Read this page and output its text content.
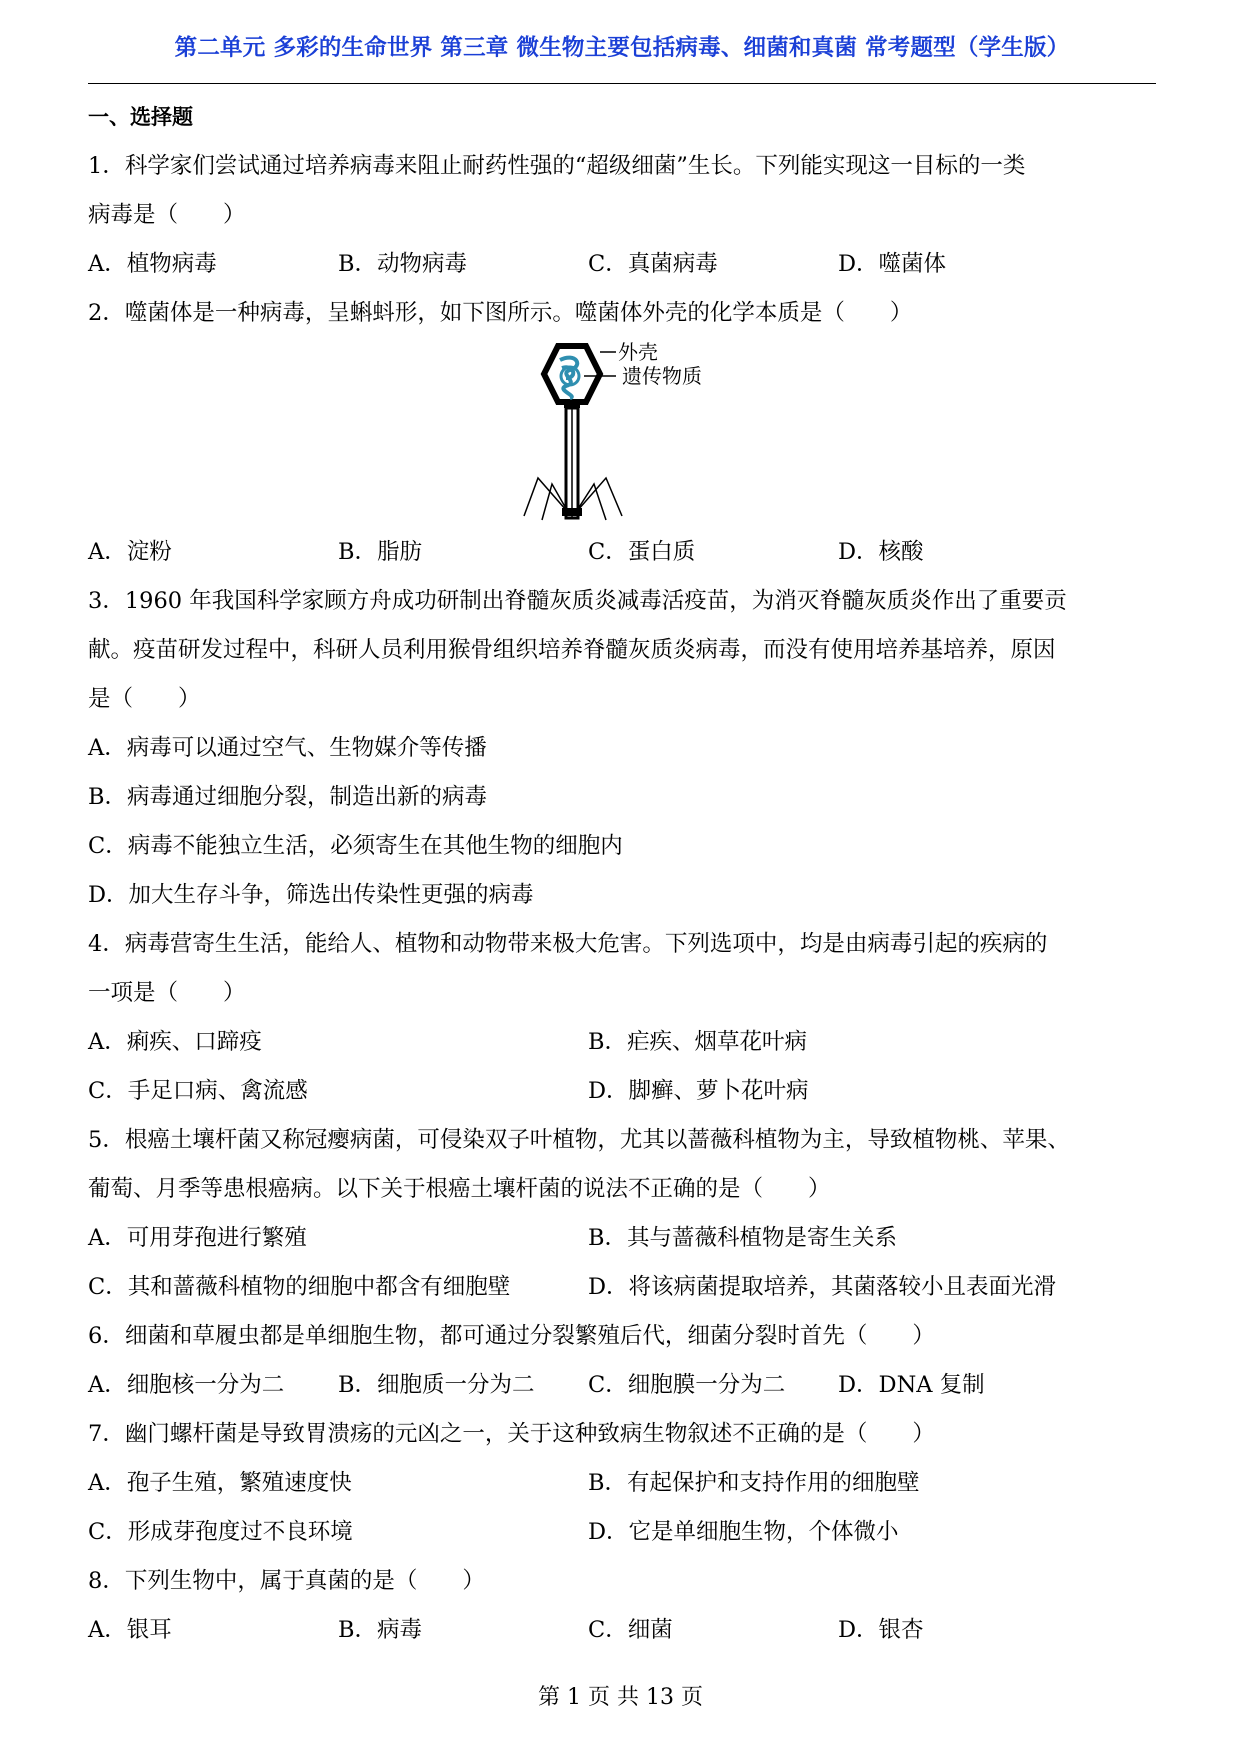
第二单元 多彩的生命世界 第三章 微生物主要包括病毒、细菌和真菌 常考题型（学生版）
一、选择题
1．科学家们尝试通过培养病毒来阻止耐药性强的“超级细菌”生长。下列能实现这一目标的一类
病毒是（　　）
A．植物病毒	B．动物病毒	C．真菌病毒	D．噬菌体
2．噬菌体是一种病毒，呈蝌蚪形，如下图所示。噬菌体外壳的化学本质是（　　）
外壳
遗传物质
A．淀粉	B．脂肪	C．蛋白质	D．核酸
3．1960 年我国科学家顾方舟成功研制出脊髓灰质炎减毒活疫苗，为消灭脊髓灰质炎作出了重要贡
献。疫苗研发过程中，科研人员利用猴骨组织培养脊髓灰质炎病毒，而没有使用培养基培养，原因
是（　　）
A．病毒可以通过空气、生物媒介等传播
B．病毒通过细胞分裂，制造出新的病毒
C．病毒不能独立生活，必须寄生在其他生物的细胞内
D．加大生存斗争，筛选出传染性更强的病毒
4．病毒营寄生生活，能给人、植物和动物带来极大危害。下列选项中，均是由病毒引起的疾病的
一项是（　　）
A．痢疾、口蹄疫	B．疟疾、烟草花叶病
C．手足口病、禽流感	D．脚癣、萝卜花叶病
5．根癌土壤杆菌又称冠瘿病菌，可侵染双子叶植物，尤其以蔷薇科植物为主，导致植物桃、苹果、
葡萄、月季等患根癌病。以下关于根癌土壤杆菌的说法不正确的是（　　）
A．可用芽孢进行繁殖	B．其与蔷薇科植物是寄生关系
C．其和蔷薇科植物的细胞中都含有细胞壁	D．将该病菌提取培养，其菌落较小且表面光滑
6．细菌和草履虫都是单细胞生物，都可通过分裂繁殖后代，细菌分裂时首先（　　）
A．细胞核一分为二	B．细胞质一分为二	C．细胞膜一分为二	D．DNA 复制
7．幽门螺杆菌是导致胃溃疡的元凶之一，关于这种致病生物叙述不正确的是（　　）
A．孢子生殖，繁殖速度快	B．有起保护和支持作用的细胞壁
C．形成芽孢度过不良环境	D．它是单细胞生物，个体微小
8．下列生物中，属于真菌的是（　　）
A．银耳	B．病毒	C．细菌	D．银杏
第 1 页 共 13 页
